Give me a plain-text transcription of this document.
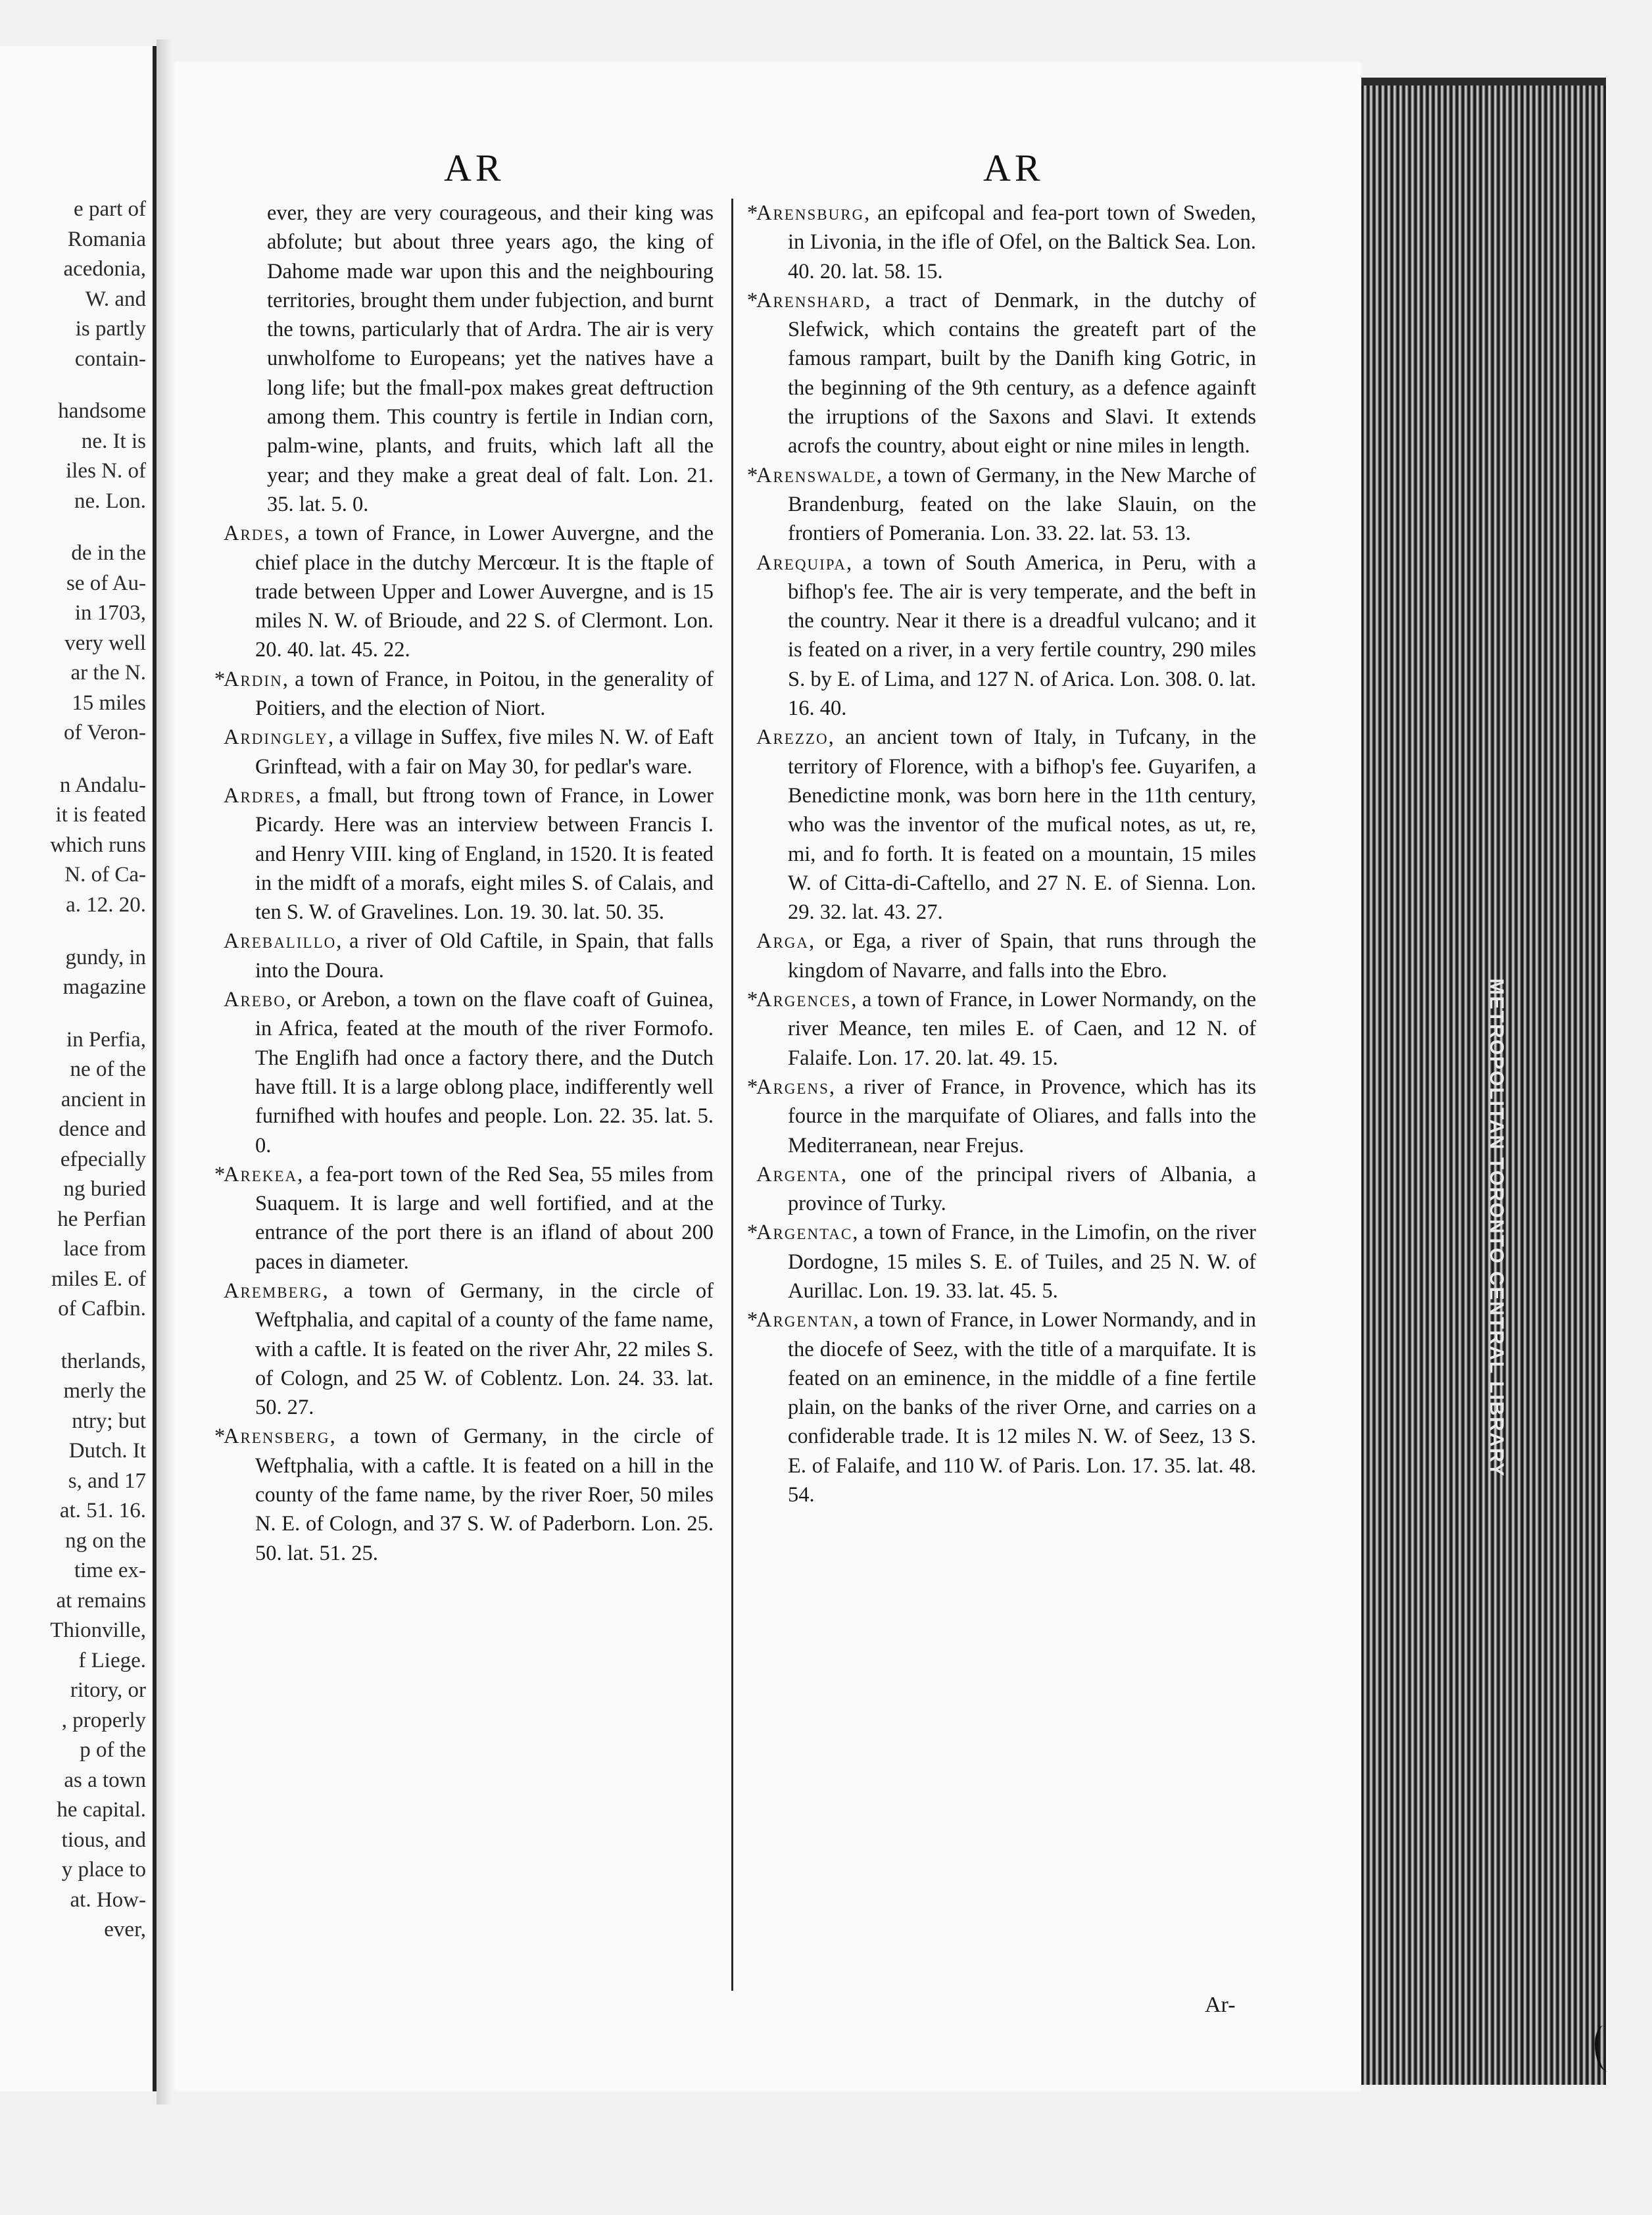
e part of
Romania
acedonia,
W. and
is partly
contain-
handsome
ne. It is
iles N. of
ne. Lon.
de in the
se of Au-
in 1703,
very well
ar the N.
15 miles
of Veron-
n Andalu-
it is feated
which runs
N. of Ca-
a. 12. 20.
gundy, in
magazine
in Perfia,
ne of the
ancient in
dence and
efpecially
ng buried
he Perfian
lace from
miles E. of
of Cafbin.
therlands,
merly the
ntry; but
Dutch. It
s, and 17
at. 51. 16.
ng on the
time ex-
at remains
Thionville,
f Liege.
ritory, or
, properly
p of the
as a town
he capital.
tious, and
y place to
at. How-
ever,
METROPOLITAN TORONTO CENTRAL LIBRARY
AR	AR

ever, they are very courageous, and their king was abfolute; but about three years ago, the king of Dahome made war upon this and the neighbouring territories, brought them under fubjection, and burnt the towns, particularly that of Ardra. The air is very unwholfome to Europeans; yet the natives have a long life; but the fmall-pox makes great deftruction among them. This country is fertile in Indian corn, palm-wine, plants, and fruits, which laft all the year; and they make a great deal of falt. Lon. 21. 35. lat. 5. 0.

Ardes, a town of France, in Lower Auvergne, and the chief place in the dutchy Mercœur. It is the ftaple of trade between Upper and Lower Auvergne, and is 15 miles N. W. of Brioude, and 22 S. of Clermont. Lon. 20. 40. lat. 45. 22.

*Ardin, a town of France, in Poitou, in the generality of Poitiers, and the election of Niort.

Ardingley, a village in Suffex, five miles N. W. of Eaft Grinftead, with a fair on May 30, for pedlar's ware.

Ardres, a fmall, but ftrong town of France, in Lower Picardy. Here was an interview between Francis I. and Henry VIII. king of England, in 1520. It is feated in the midft of a morafs, eight miles S. of Calais, and ten S. W. of Gravelines. Lon. 19. 30. lat. 50. 35.

Arebalillo, a river of Old Caftile, in Spain, that falls into the Doura.

Arebo, or Arebon, a town on the flave coaft of Guinea, in Africa, feated at the mouth of the river Formofo. The Englifh had once a factory there, and the Dutch have ftill. It is a large oblong place, indifferently well furnifhed with houfes and people. Lon. 22. 35. lat. 5. 0.

*Arekea, a fea-port town of the Red Sea, 55 miles from Suaquem. It is large and well fortified, and at the entrance of the port there is an ifland of about 200 paces in diameter.

Aremberg, a town of Germany, in the circle of Weftphalia, and capital of a county of the fame name, with a caftle. It is feated on the river Ahr, 22 miles S. of Cologn, and 25 W. of Coblentz. Lon. 24. 33. lat. 50. 27.

*Arensberg, a town of Germany, in the circle of Weftphalia, with a caftle. It is feated on a hill in the county of the fame name, by the river Roer, 50 miles N. E. of Cologn, and 37 S. W. of Paderborn. Lon. 25. 50. lat. 51. 25.

*Arensburg, an epifcopal and fea-port town of Sweden, in Livonia, in the ifle of Ofel, on the Baltick Sea. Lon. 40. 20. lat. 58. 15.

*Arenshard, a tract of Denmark, in the dutchy of Slefwick, which contains the greateft part of the famous rampart, built by the Danifh king Gotric, in the beginning of the 9th century, as a defence againft the irruptions of the Saxons and Slavi. It extends acrofs the country, about eight or nine miles in length.

*Arenswalde, a town of Germany, in the New Marche of Brandenburg, feated on the lake Slauin, on the frontiers of Pomerania. Lon. 33. 22. lat. 53. 13.

Arequipa, a town of South America, in Peru, with a bifhop's fee. The air is very temperate, and the beft in the country. Near it there is a dreadful vulcano; and it is feated on a river, in a very fertile country, 290 miles S. by E. of Lima, and 127 N. of Arica. Lon. 308. 0. lat. 16. 40.

Arezzo, an ancient town of Italy, in Tufcany, in the territory of Florence, with a bifhop's fee. Guyarifen, a Benedictine monk, was born here in the 11th century, who was the inventor of the mufical notes, as ut, re, mi, and fo forth. It is feated on a mountain, 15 miles W. of Citta-di-Caftello, and 27 N. E. of Sienna. Lon. 29. 32. lat. 43. 27.

Arga, or Ega, a river of Spain, that runs through the kingdom of Navarre, and falls into the Ebro.

*Argences, a town of France, in Lower Normandy, on the river Meance, ten miles E. of Caen, and 12 N. of Falaife. Lon. 17. 20. lat. 49. 15.

*Argens, a river of France, in Provence, which has its fource in the marquifate of Oliares, and falls into the Mediterranean, near Frejus.

Argenta, one of the principal rivers of Albania, a province of Turky.

*Argentac, a town of France, in the Limofin, on the river Dordogne, 15 miles S. E. of Tuiles, and 25 N. W. of Aurillac. Lon. 19. 33. lat. 45. 5.

*Argentan, a town of France, in Lower Normandy, and in the diocefe of Seez, with the title of a marquifate. It is feated on an eminence, in the middle of a fine fertile plain, on the banks of the river Orne, and carries on a confiderable trade. It is 12 miles N. W. of Seez, 13 S. E. of Falaife, and 110 W. of Paris. Lon. 17. 35. lat. 48. 54.

Ar-
